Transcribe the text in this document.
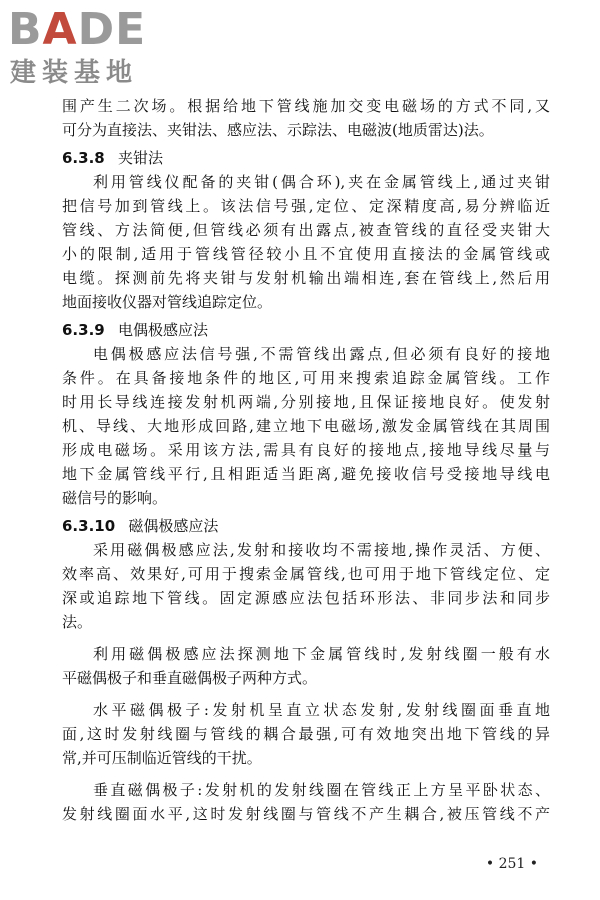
BADE
建装基地
围产生二次场。根据给地下管线施加交变电磁场的方式不同,又
可分为直接法、夹钳法、感应法、示踪法、电磁波(地质雷达)法。
6.3.8 夹钳法
利用管线仪配备的夹钳(偶合环),夹在金属管线上,通过夹钳
把信号加到管线上。该法信号强,定位、定深精度高,易分辨临近
管线、方法简便,但管线必须有出露点,被查管线的直径受夹钳大
小的限制,适用于管线管径较小且不宜使用直接法的金属管线或
电缆。探测前先将夹钳与发射机输出端相连,套在管线上,然后用
地面接收仪器对管线追踪定位。
6.3.9 电偶极感应法
电偶极感应法信号强,不需管线出露点,但必须有良好的接地
条件。在具备接地条件的地区,可用来搜索追踪金属管线。工作
时用长导线连接发射机两端,分别接地,且保证接地良好。使发射
机、导线、大地形成回路,建立地下电磁场,激发金属管线在其周围
形成电磁场。采用该方法,需具有良好的接地点,接地导线尽量与
地下金属管线平行,且相距适当距离,避免接收信号受接地导线电
磁信号的影响。
6.3.10 磁偶极感应法
采用磁偶极感应法,发射和接收均不需接地,操作灵活、方便、
效率高、效果好,可用于搜索金属管线,也可用于地下管线定位、定
深或追踪地下管线。固定源感应法包括环形法、非同步法和同步
法。
利用磁偶极感应法探测地下金属管线时,发射线圈一般有水
平磁偶极子和垂直磁偶极子两种方式。
水平磁偶极子:发射机呈直立状态发射,发射线圈面垂直地
面,这时发射线圈与管线的耦合最强,可有效地突出地下管线的异
常,并可压制临近管线的干扰。
垂直磁偶极子:发射机的发射线圈在管线正上方呈平卧状态、
发射线圈面水平,这时发射线圈与管线不产生耦合,被压管线不产
• 251 •
